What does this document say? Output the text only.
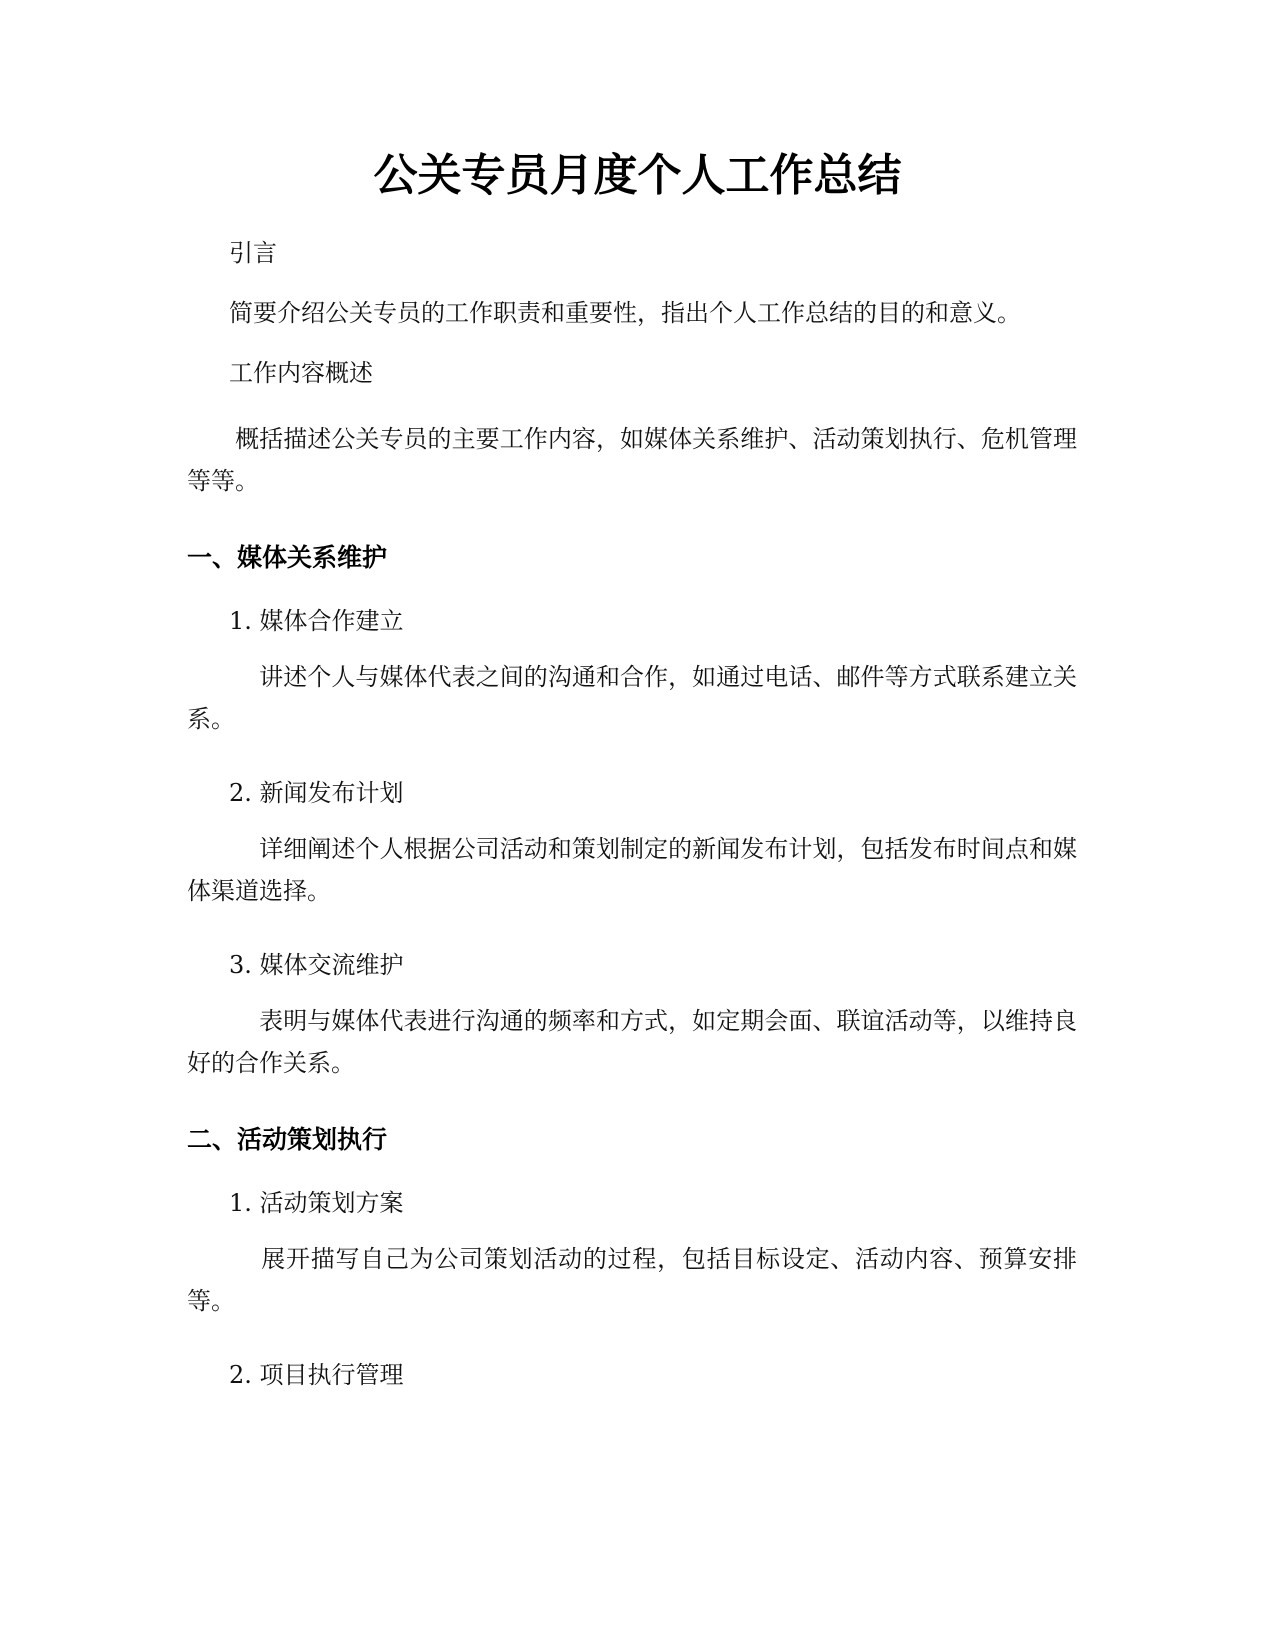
公关专员月度个人工作总结

引言

简要介绍公关专员的工作职责和重要性，指出个人工作总结的目的和意义。

工作内容概述

　　概括描述公关专员的主要工作内容，如媒体关系维护、活动策划执行、危机管理等等。

一、媒体关系维护

1. 媒体合作建立

　　　讲述个人与媒体代表之间的沟通和合作，如通过电话、邮件等方式联系建立关系。

2. 新闻发布计划

　　　详细阐述个人根据公司活动和策划制定的新闻发布计划，包括发布时间点和媒体渠道选择。

3. 媒体交流维护

　　　表明与媒体代表进行沟通的频率和方式，如定期会面、联谊活动等，以维持良好的合作关系。

二、活动策划执行

1. 活动策划方案

　　　展开描写自己为公司策划活动的过程，包括目标设定、活动内容、预算安排等。

2. 项目执行管理
